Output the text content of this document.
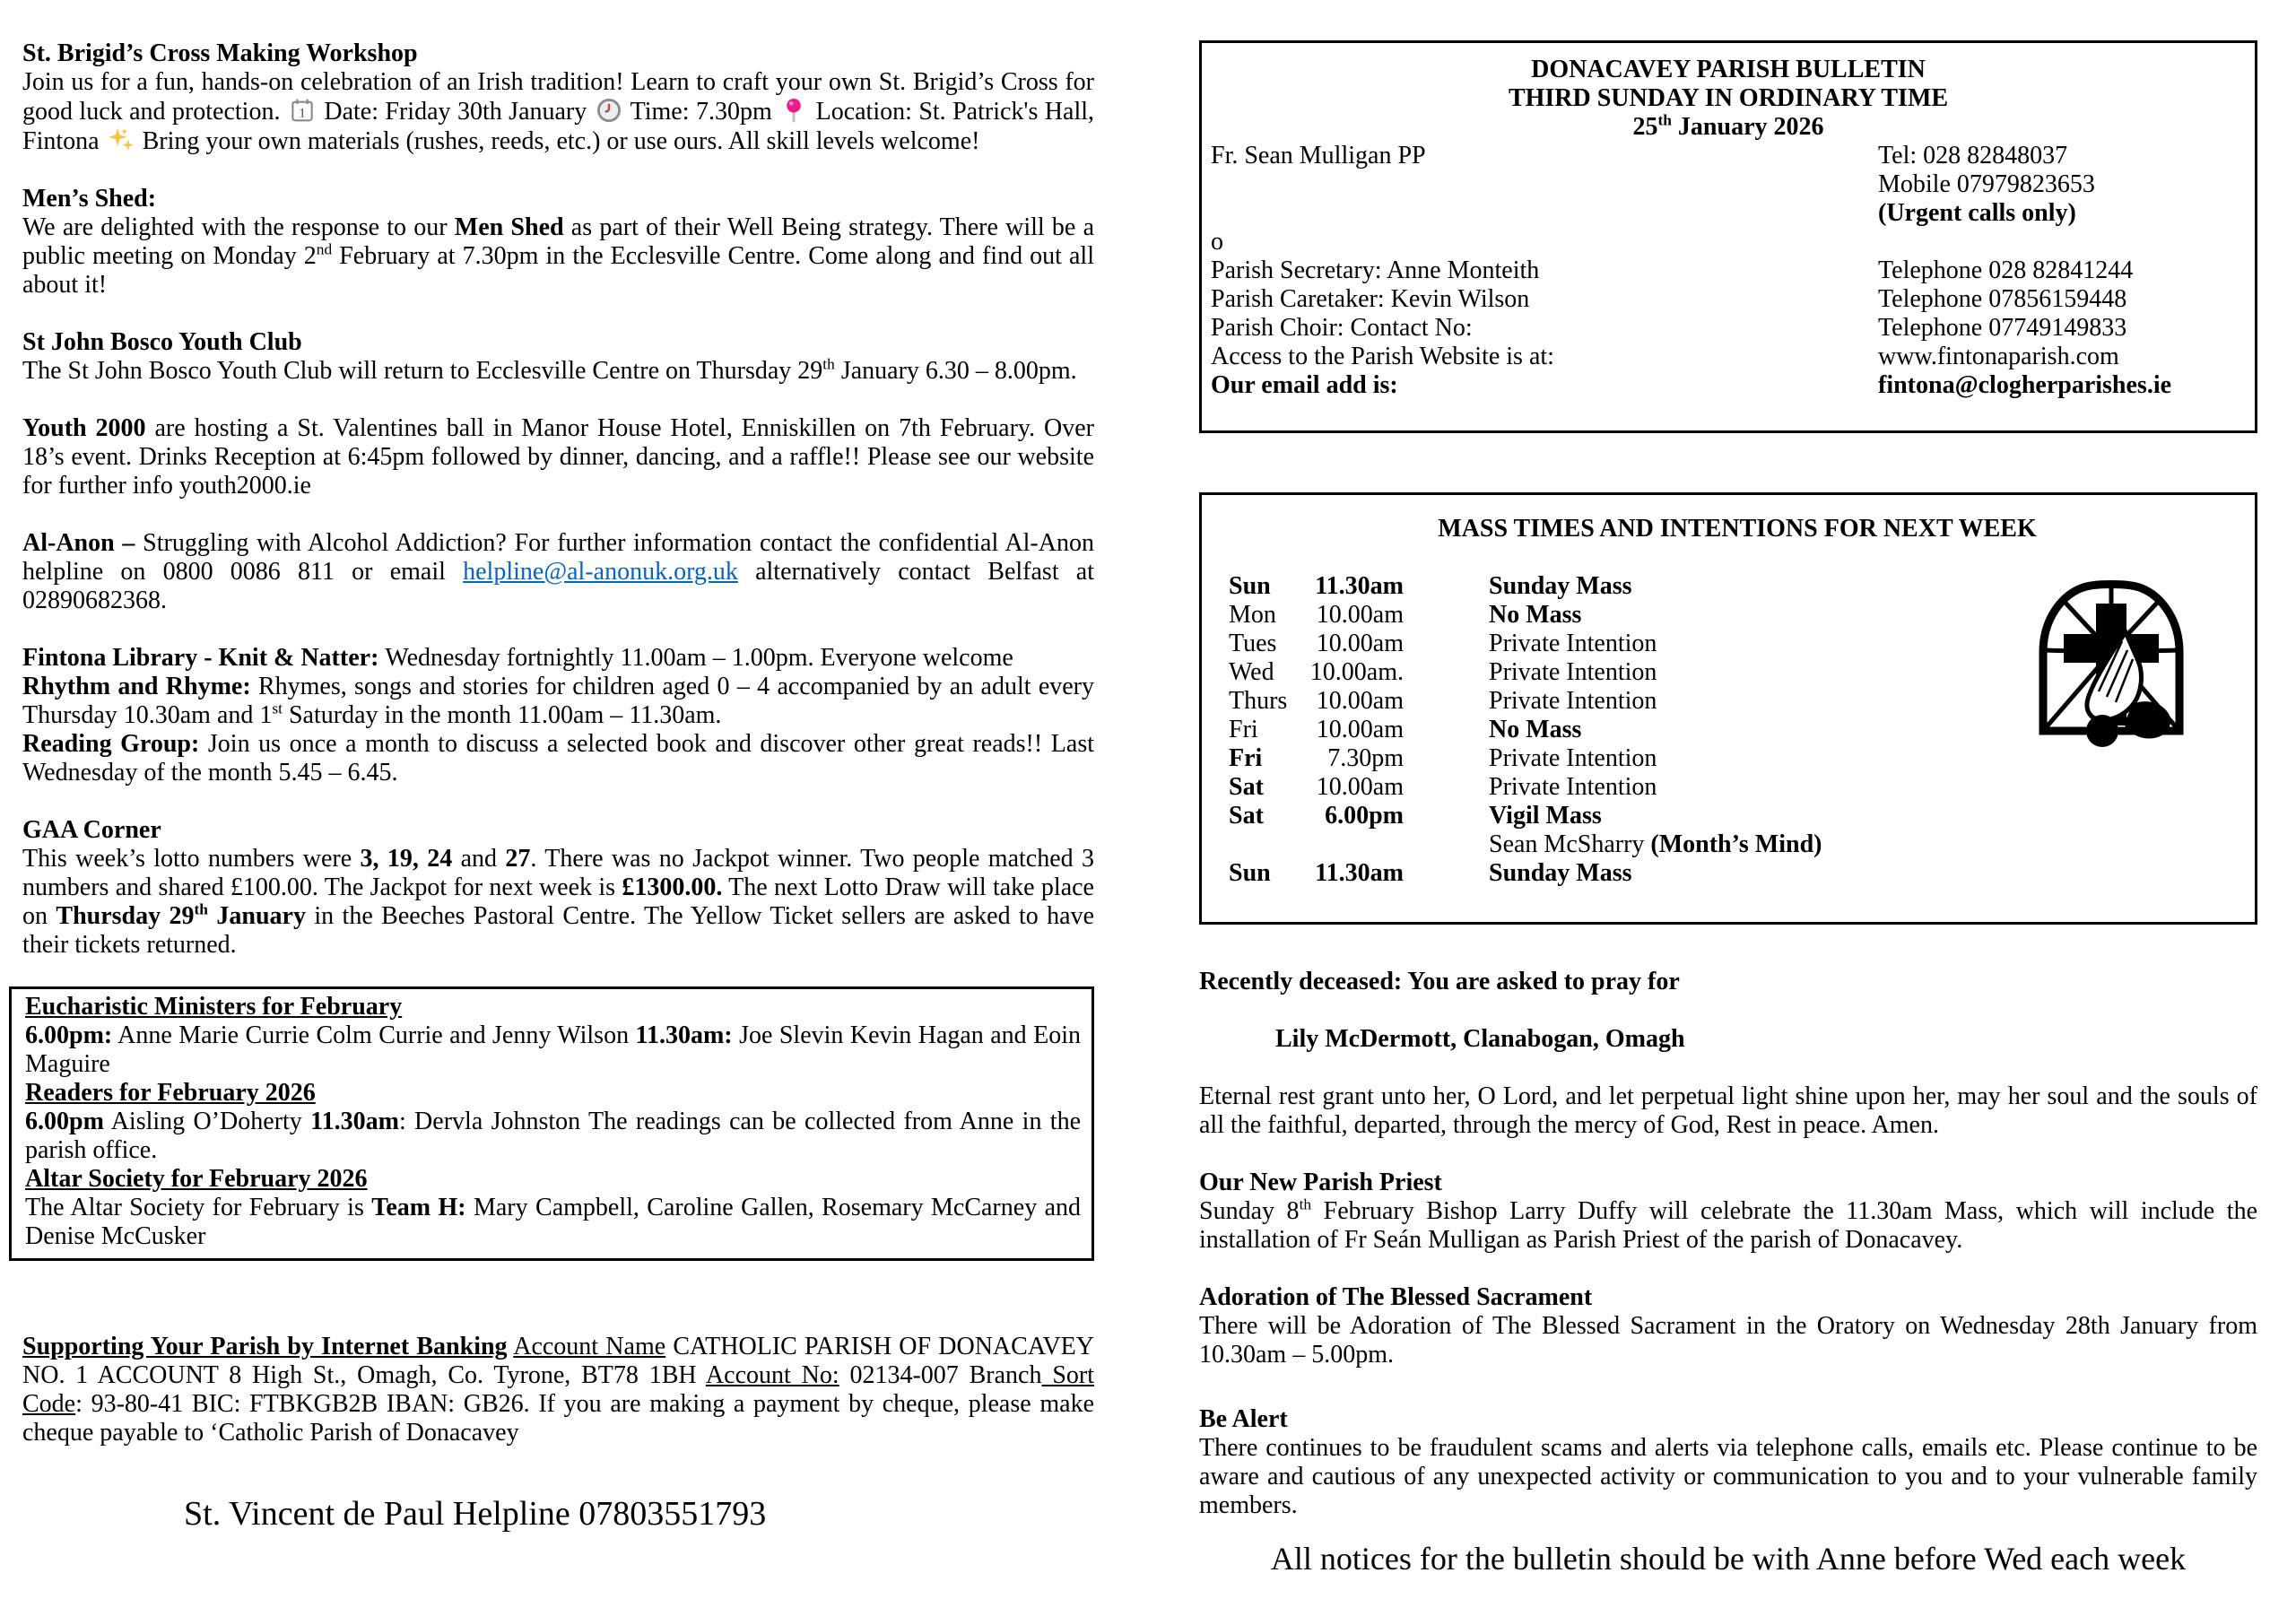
St. Brigid’s Cross Making Workshop

Join us for a fun, hands-on celebration of an Irish tradition! Learn to craft your own St. Brigid’s Cross for good luck and protection. 1 Date: Friday 30th January
Time: 7.30pm
Location: St. Patrick's Hall, Fintona
Bring your own materials (rushes, reeds, etc.) or use ours. All skill levels welcome!

Men’s Shed:

We are delighted with the response to our Men Shed as part of their Well Being strategy. There will be a public meeting on Monday 2nd February at 7.30pm in the Ecclesville Centre. Come along and find out all about it!

St John Bosco Youth Club

The St John Bosco Youth Club will return to Ecclesville Centre on Thursday 29th January 6.30 – 8.00pm.

Youth 2000 are hosting a St. Valentines ball in Manor House Hotel, Enniskillen on 7th February. Over 18’s event. Drinks Reception at 6:45pm followed by dinner, dancing, and a raffle!! Please see our website for further info youth2000.ie

Al-Anon – Struggling with Alcohol Addiction? For further information contact the confidential Al-Anon helpline on 0800 0086 811 or email helpline@al-anonuk.org.uk alternatively contact Belfast at 02890682368.

Fintona Library - Knit & Natter: Wednesday fortnightly 11.00am – 1.00pm. Everyone welcome

Rhythm and Rhyme: Rhymes, songs and stories for children aged 0 – 4 accompanied by an adult every Thursday 10.30am and 1st Saturday in the month 11.00am – 11.30am.

Reading Group: Join us once a month to discuss a selected book and discover other great reads!! Last Wednesday of the month 5.45 – 6.45.

GAA Corner

This week’s lotto numbers were 3, 19, 24 and 27. There was no Jackpot winner. Two people matched 3 numbers and shared £100.00. The Jackpot for next week is £1300.00. The next Lotto Draw will take place on Thursday 29th January in the Beeches Pastoral Centre. The Yellow Ticket sellers are asked to have their tickets returned.

Eucharistic Ministers for February

6.00pm: Anne Marie Currie Colm Currie and Jenny Wilson 11.30am: Joe Slevin Kevin Hagan and Eoin Maguire

Readers for February 2026

6.00pm Aisling O’Doherty 11.30am: Dervla Johnston The readings can be collected from Anne in the parish office.

Altar Society for February 2026

The Altar Society for February is Team H: Mary Campbell, Caroline Gallen, Rosemary McCarney and Denise McCusker

Supporting Your Parish by Internet Banking Account Name CATHOLIC PARISH OF DONACAVEY NO. 1 ACCOUNT 8 High St., Omagh, Co. Tyrone, BT78 1BH Account No: 02134-007 Branch Sort Code: 93-80-41 BIC: FTBKGB2B IBAN: GB26. If you are making a payment by cheque, please make cheque payable to ‘Catholic Parish of Donacavey

St. Vincent de Paul Helpline 07803551793
DONACAVEY PARISH BULLETIN
THIRD SUNDAY IN ORDINARY TIME
25th January 2026
Fr. Sean Mulligan PP	Tel: 028 82848037
Mobile 07979823653
(Urgent calls only)
o
Parish Secretary: Anne Monteith	Telephone 028 82841244
Parish Caretaker: Kevin Wilson	Telephone 07856159448
Parish Choir: Contact No:	Telephone 07749149833
Access to the Parish Website is at:	www.fintonaparish.com
Our email add is:	fintona@clogherparishes.ie
MASS TIMES AND INTENTIONS FOR NEXT WEEK
Sun	11.30am	Sunday Mass
Mon	10.00am	No Mass
Tues	10.00am	Private Intention
Wed	10.00am.	Private Intention
Thurs	10.00am	Private Intention
Fri	10.00am	No Mass
Fri	7.30pm	Private Intention
Sat	10.00am	Private Intention
Sat	6.00pm	Vigil Mass
Sean McSharry (Month’s Mind)
Sun	11.30am	Sunday Mass
Recently deceased: You are asked to pray for
Lily McDermott, Clanabogan, Omagh

Eternal rest grant unto her, O Lord, and let perpetual light shine upon her, may her soul and the souls of all the faithful, departed, through the mercy of God, Rest in peace. Amen.

Our New Parish Priest

Sunday 8th February Bishop Larry Duffy will celebrate the 11.30am Mass, which will include the installation of Fr Seán Mulligan as Parish Priest of the parish of Donacavey.

Adoration of The Blessed Sacrament

There will be Adoration of The Blessed Sacrament in the Oratory on Wednesday 28th January from 10.30am – 5.00pm.

Be Alert

There continues to be fraudulent scams and alerts via telephone calls, emails etc. Please continue to be aware and cautious of any unexpected activity or communication to you and to your vulnerable family members.

All notices for the bulletin should be with Anne before Wed each week
